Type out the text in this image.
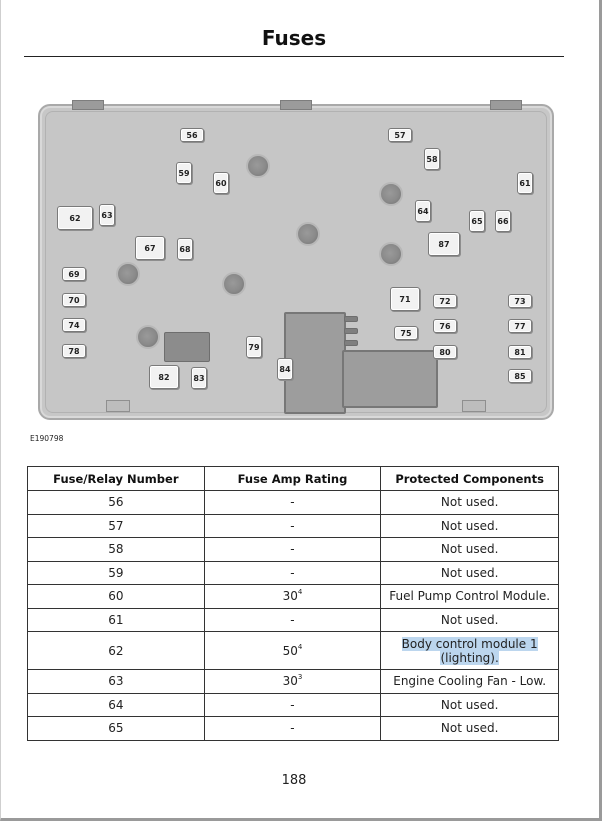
Fuses
56	57
58
59
60	61
62	63	64
65	66
67	68
87
69
70	71	72	73
74
75
76	77
78	79
80	81
82	83
84
85
E190798
Fuse/Relay Number	Fuse Amp Rating	Protected Components
56	-	Not used.
57	-	Not used.
58	-	Not used.
59	-	Not used.
60	$30^4$	Fuel Pump Control Module.
61	-	Not used.
62	$50^4$	Body control module 1
(lighting).
63	$30^3$	Engine Cooling Fan - Low.
64	-	Not used.
65	-	Not used.
188
